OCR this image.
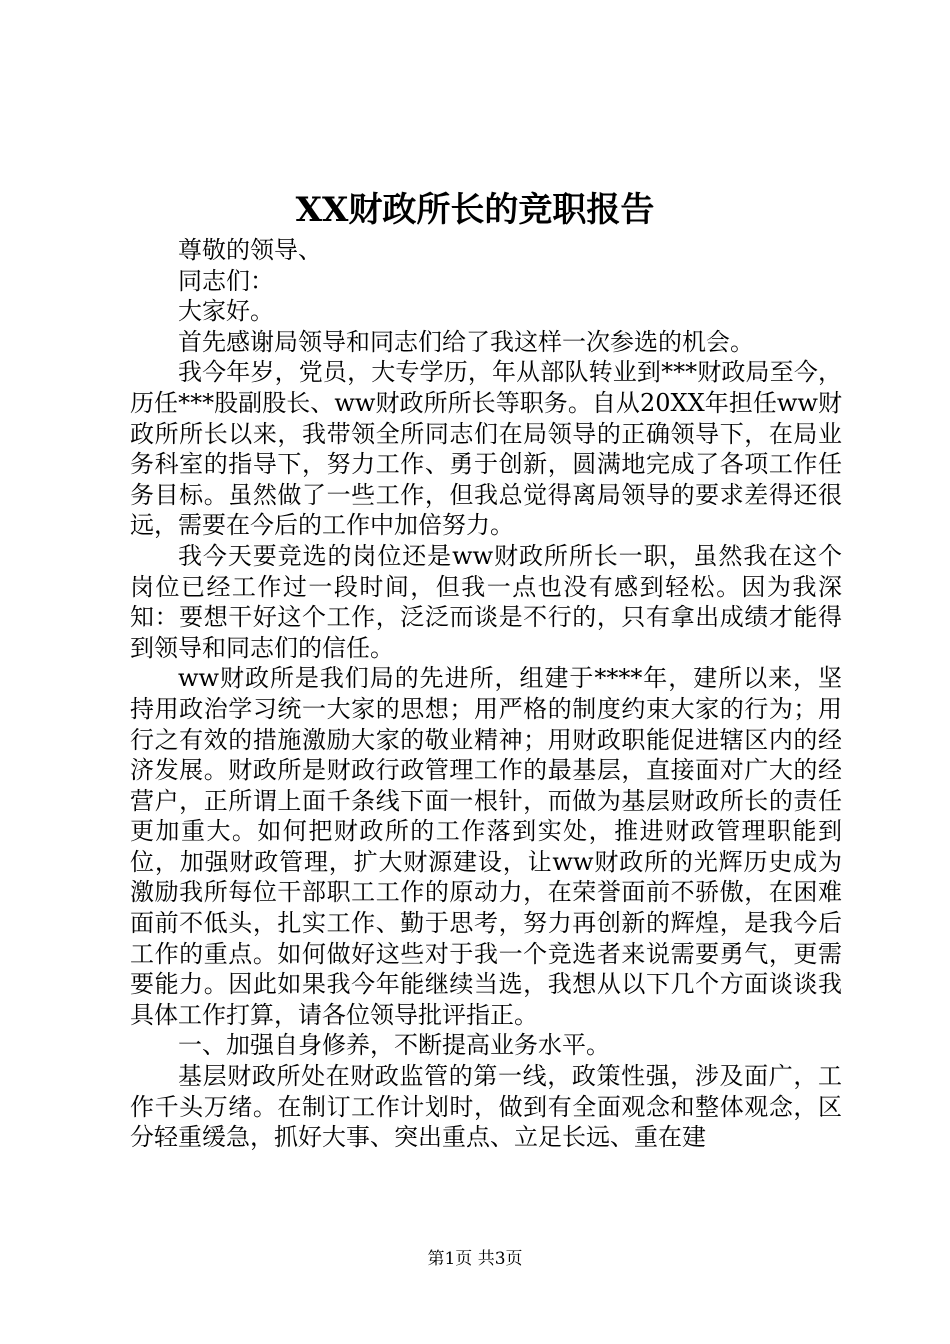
XX财政所长的竞职报告

尊敬的领导、

同志们：

大家好。

首先感谢局领导和同志们给了我这样一次参选的机会。

我今年岁，党员，大专学历，年从部队转业到***财政局至今，历任***股副股长、ww财政所所长等职务。自从20XX年担任ww财政所所长以来，我带领全所同志们在局领导的正确领导下，在局业务科室的指导下，努力工作、勇于创新，圆满地完成了各项工作任务目标。虽然做了一些工作，但我总觉得离局领导的要求差得还很远，需要在今后的工作中加倍努力。

我今天要竞选的岗位还是ww财政所所长一职，虽然我在这个岗位已经工作过一段时间，但我一点也没有感到轻松。因为我深知：要想干好这个工作，泛泛而谈是不行的，只有拿出成绩才能得到领导和同志们的信任。

ww财政所是我们局的先进所，组建于****年，建所以来，坚持用政治学习统一大家的思想；用严格的制度约束大家的行为；用行之有效的措施激励大家的敬业精神；用财政职能促进辖区内的经济发展。财政所是财政行政管理工作的最基层，直接面对广大的经营户，正所谓上面千条线下面一根针，而做为基层财政所长的责任更加重大。如何把财政所的工作落到实处，推进财政管理职能到位，加强财政管理，扩大财源建设，让ww财政所的光辉历史成为激励我所每位干部职工工作的原动力，在荣誉面前不骄傲，在困难面前不低头，扎实工作、勤于思考，努力再创新的辉煌，是我今后工作的重点。如何做好这些对于我一个竞选者来说需要勇气，更需要能力。因此如果我今年能继续当选，我想从以下几个方面谈谈我具体工作打算，请各位领导批评指正。

一、加强自身修养，不断提高业务水平。

基层财政所处在财政监管的第一线，政策性强，涉及面广，工作千头万绪。在制订工作计划时，做到有全面观念和整体观念，区分轻重缓急，抓好大事、突出重点、立足长远、重在建

第1页 共3页
